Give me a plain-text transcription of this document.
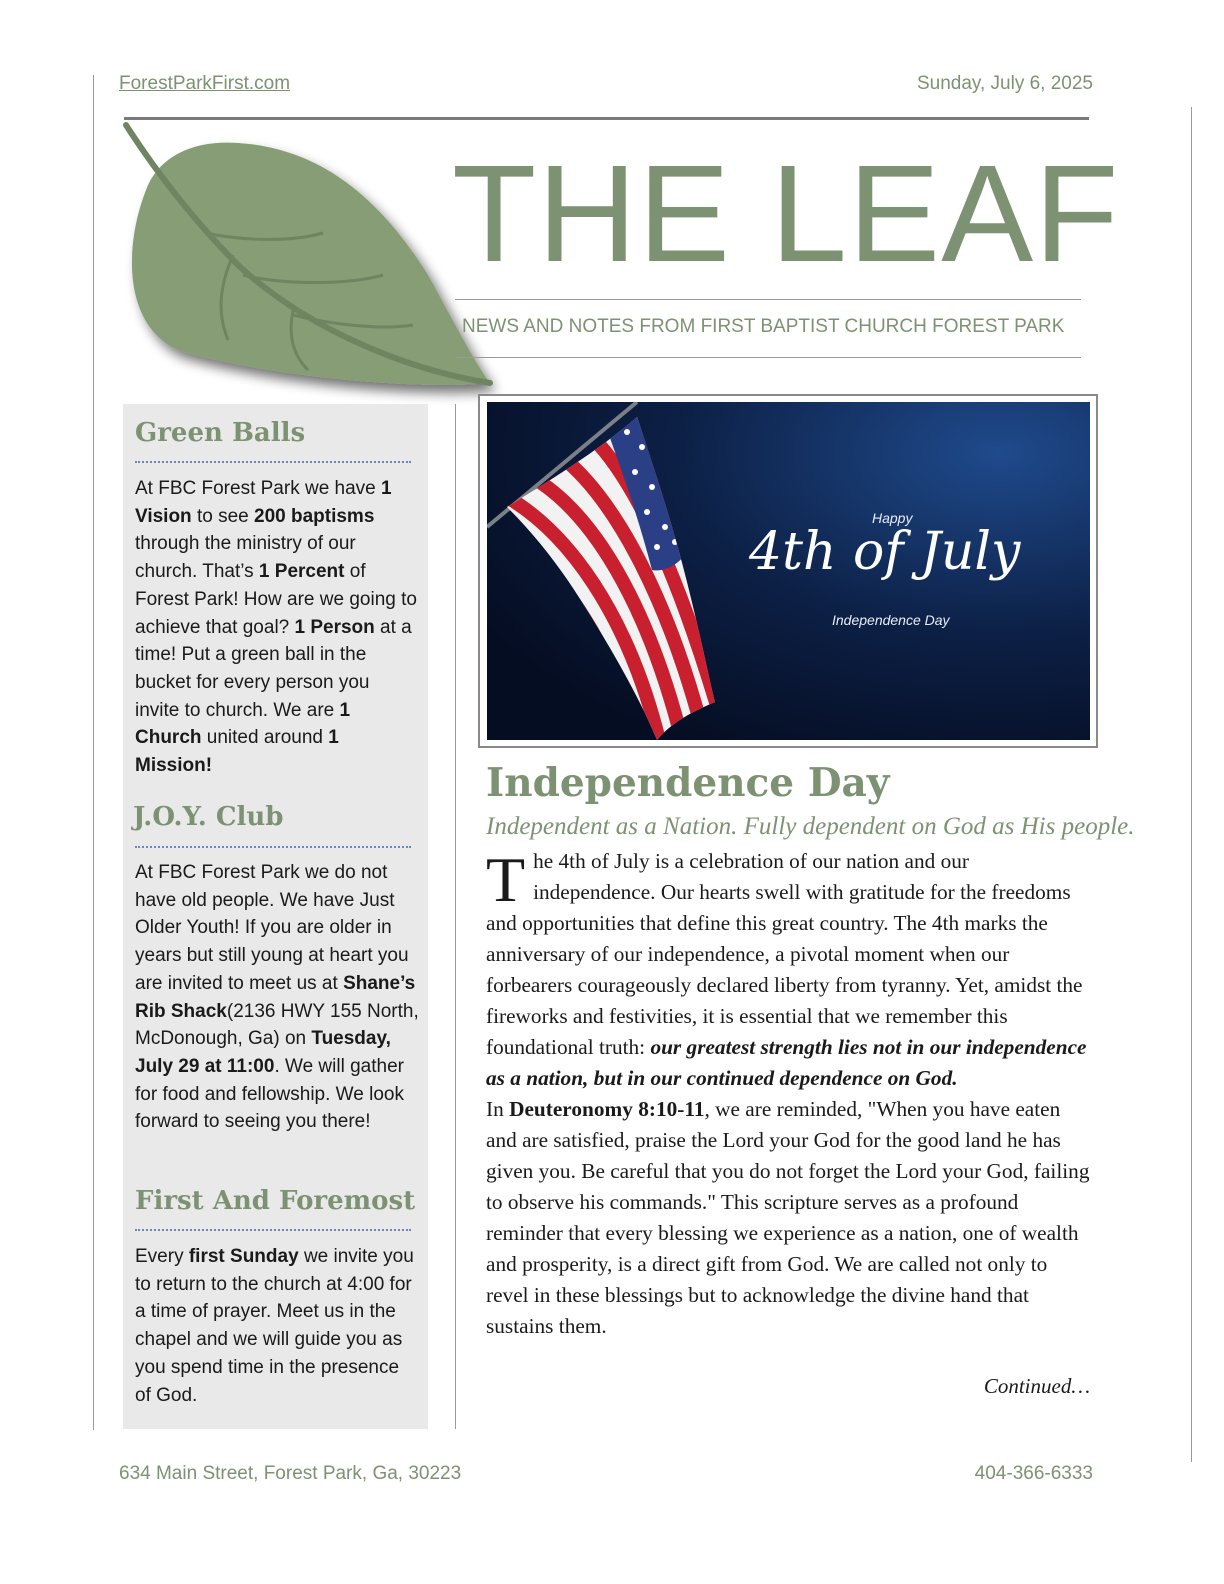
ForestParkFirst.com	Sunday, July 6, 2025
THE LEAF
NEWS AND NOTES FROM FIRST BAPTIST CHURCH FOREST PARK
Green Balls
At FBC Forest Park we have 1 Vision to see 200 baptisms through the ministry of our church. That’s 1 Percent of Forest Park! How are we going to achieve that goal? 1 Person at a time! Put a green ball in the bucket for every person you invite to church. We are 1 Church united around 1 Mission!
J.O.Y. Club
At FBC Forest Park we do not have old people. We have Just Older Youth! If you are older in years but still young at heart you are invited to meet us at Shane’s Rib Shack(2136 HWY 155 North, McDonough, Ga) on Tuesday, July 29 at 11:00. We will gather for food and fellowship. We look forward to seeing you there!
First And Foremost
Every first Sunday we invite you to return to the church at 4:00 for a time of prayer. Meet us in the chapel and we will guide you as you spend time in the presence of God.
Happy
4th of July
Independence Day
Independence Day
Independent as a Nation. Fully dependent on God as His people.

The 4th of July is a celebration of our nation and our independence. Our hearts swell with gratitude for the freedoms and opportunities that define this great country. The 4th marks the anniversary of our independence, a pivotal moment when our forbearers courageously declared liberty from tyranny. Yet, amidst the fireworks and festivities, it is essential that we remember this foundational truth: our greatest strength lies not in our independence as a nation, but in our continued dependence on God.

In Deuteronomy 8:10-11, we are reminded, "When you have eaten and are satisfied, praise the Lord your God for the good land he has given you. Be careful that you do not forget the Lord your God, failing to observe his commands." This scripture serves as a profound reminder that every blessing we experience as a nation, one of wealth and prosperity, is a direct gift from God. We are called not only to revel in these blessings but to acknowledge the divine hand that sustains them.

Continued…
634 Main Street, Forest Park, Ga, 30223	404-366-6333
